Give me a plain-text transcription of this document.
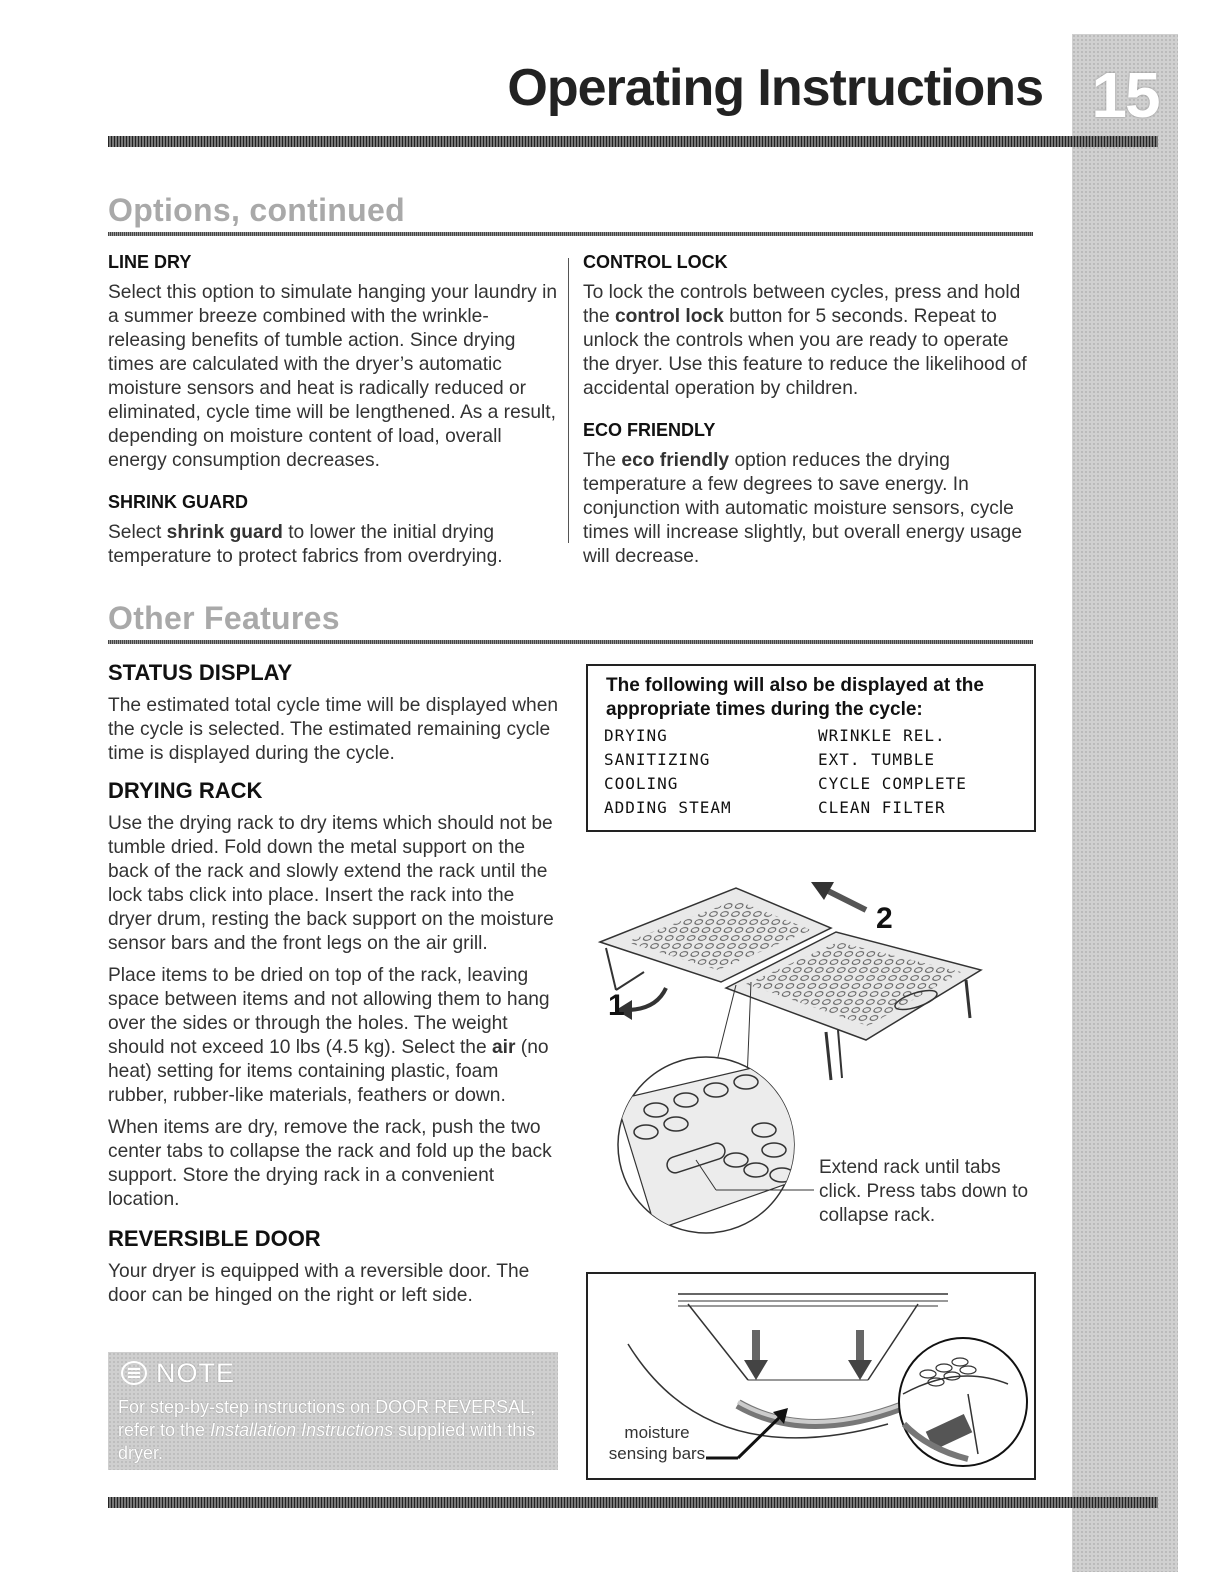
15
Operating Instructions
Options, continued

LINE DRY

Select this option to simulate hanging your laundry in a summer breeze combined with the wrinkle-releasing benefits of tumble action. Since drying times are calculated with the dryer’s automatic moisture sensors and heat is radically reduced or eliminated, cycle time will be lengthened. As a result, depending on moisture content of load, overall energy consumption decreases.

SHRINK GUARD

Select shrink guard to lower the initial drying temperature to protect fabrics from overdrying.

CONTROL LOCK

To lock the controls between cycles, press and hold the control lock button for 5 seconds. Repeat to unlock the controls when you are ready to operate the dryer. Use this feature to reduce the likelihood of accidental operation by children.

ECO FRIENDLY

The eco friendly option reduces the drying temperature a few degrees to save energy. In conjunction with automatic moisture sensors, cycle times will increase slightly, but overall energy usage will decrease.

Other Features

STATUS DISPLAY

The estimated total cycle time will be displayed when the cycle is selected. The estimated remaining cycle time is displayed during the cycle.

DRYING RACK

Use the drying rack to dry items which should not be tumble dried. Fold down the metal support on the back of the rack and slowly extend the rack until the lock tabs click into place. Insert the rack into the dryer drum, resting the back support on the moisture sensor bars and the front legs on the air grill.

Place items to be dried on top of the rack, leaving space between items and not allowing them to hang over the sides or through the holes. The weight should not exceed 10 lbs (4.5 kg). Select the air (no heat) setting for items containing plastic, foam rubber, rubber-like materials, feathers or down.

When items are dry, remove the rack, push the two center tabs to collapse the rack and fold up the back support. Store the drying rack in a convenient location.

REVERSIBLE DOOR

Your dryer is equipped with a reversible door. The door can be hinged on the right or left side.

NOTE
For step-by-step instructions on DOOR REVERSAL, refer to the Installation Instructions supplied with this dryer.
The following will also be displayed at the appropriate times during the cycle:
DRYING
SANITIZING
COOLING
ADDING STEAM
WRINKLE REL.
EXT. TUMBLE
CYCLE COMPLETE
CLEAN FILTER
1
2
Extend rack until tabs click. Press tabs down to collapse rack.
moisture sensing bars
